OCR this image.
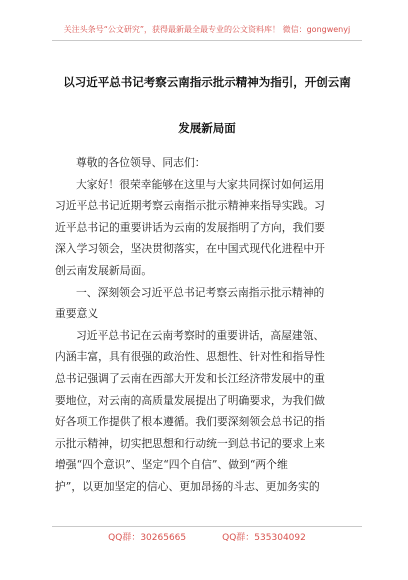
关注头条号“公文研究”，获得最新最全最专业的公文资料库！ 微信：gongwenyj
以习近平总书记考察云南指示批示精神为指引，开创云南
发展新局面
尊敬的各位领导、同志们：
大家好！很荣幸能够在这里与大家共同探讨如何运用
习近平总书记近期考察云南指示批示精神来指导实践。习
近平总书记的重要讲话为云南的发展指明了方向，我们要
深入学习领会，坚决贯彻落实，在中国式现代化进程中开
创云南发展新局面。
一、深刻领会习近平总书记考察云南指示批示精神的
重要意义
习近平总书记在云南考察时的重要讲话，高屋建瓴、
内涵丰富，具有很强的政治性、思想性、针对性和指导性
总书记强调了云南在西部大开发和长江经济带发展中的重
要地位，对云南的高质量发展提出了明确要求，为我们做
好各项工作提供了根本遵循。我们要深刻领会总书记的指
示批示精神，切实把思想和行动统一到总书记的要求上来
增强“四个意识”、坚定“四个自信”、做到“两个维
护”，以更加坚定的信心、更加昂扬的斗志、更加务实的
QQ群：30265665	QQ群：535304092
